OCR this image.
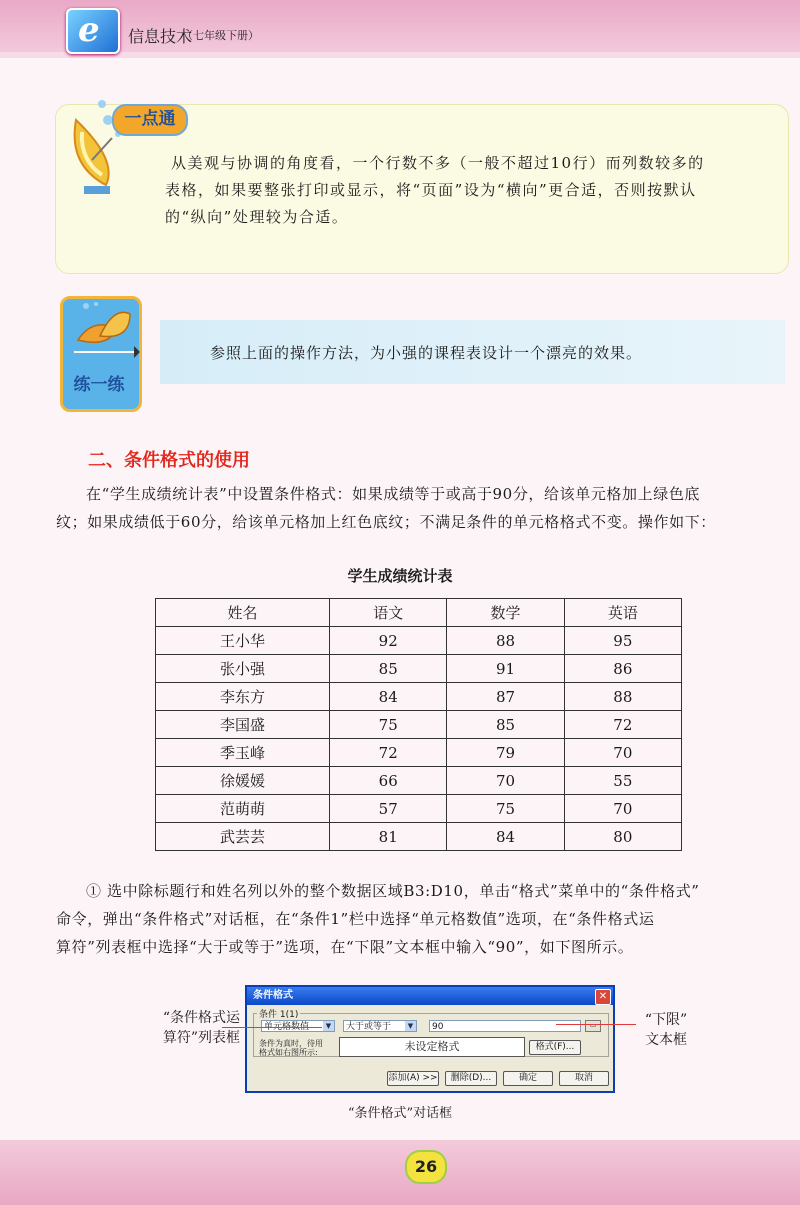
e 信息技术
（七年级下册）
一点通
从美观与协调的角度看，一个行数不多（一般不超过10行）而列数较多的
表格，如果要整张打印或显示，将“页面”设为“横向”更合适，否则按默认
的“纵向”处理较为合适。
练一练
参照上面的操作方法，为小强的课程表设计一个漂亮的效果。
二、条件格式的使用
在“学生成绩统计表”中设置条件格式：如果成绩等于或高于90分，给该单元格加上绿色底
纹；如果成绩低于60分，给该单元格加上红色底纹；不满足条件的单元格格式不变。操作如下：
学生成绩统计表
姓名	语文	数学	英语
王小华	92	88	95
张小强	85	91	86
李东方	84	87	88
李国盛	75	85	72
季玉峰	72	79	70
徐媛媛	66	70	55
范萌萌	57	75	70
武芸芸	81	84	80
① 选中除标题行和姓名列以外的整个数据区域B3:D10，单击“格式”菜单中的“条件格式”
命令，弹出“条件格式”对话框，在“条件1”栏中选择“单元格数值”选项，在“条件格式运
算符”列表框中选择“大于或等于”选项，在“下限”文本框中输入“90”，如下图所示。
条件格式	✕
条件 1(1)
单元格数值	▼	大于或等于	▼	90	▭
条件为真时，待用
格式如右图所示:	未设定格式	格式(F)...
添加(A) >>	删除(D)...	确定	取消
“条件格式运
算符”列表框
“下限”
文本框
“条件格式”对话框
26
